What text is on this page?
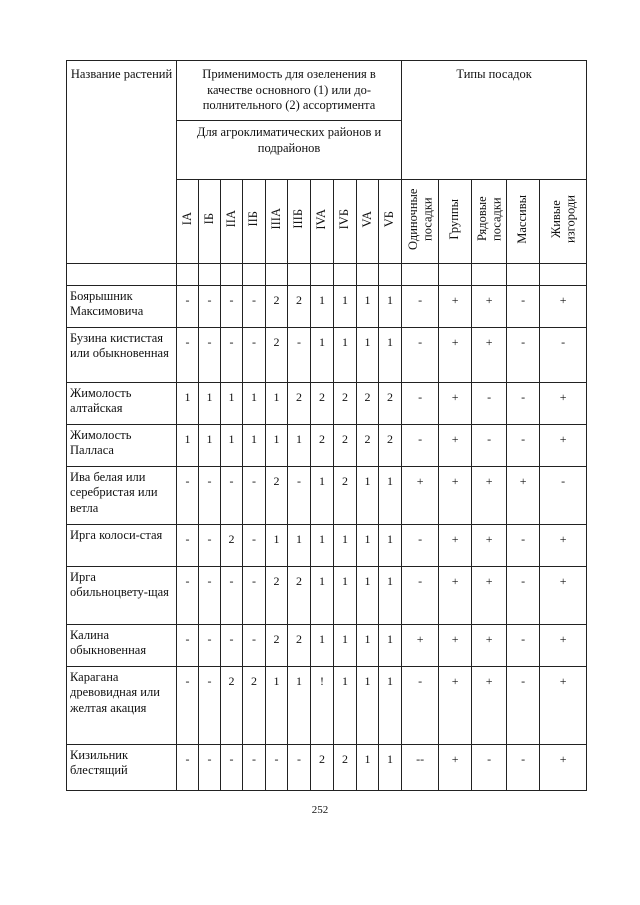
Название растений	Применимость для озеленения в качестве основного (1) или до-полнительного (2) ассортимента										Типы посадок				
	Для агроклиматических районов и подрайонов														
	IA	IБ	IIA	IIБ	IIIA	IIIБ	IVA	IVБ	VA	VБ	Одиночные посадки	Группы	Рядовые посадки	Массивы	Живые изгороди

Боярышник Максимовича	-	-	-	-	2	2	1	1	1	1	-	+	+	-	+
Бузина кистистая или обыкновенная	-	-	-	-	2	-	1	1	1	1	-	+	+	-	-
Жимолость алтайская	1	1	1	1	1	2	2	2	2	2	-	+	-	-	+
Жимолость Палласа	1	1	1	1	1	1	2	2	2	2	-	+	-	-	+
Ива белая или серебристая или ветла	-	-	-	-	2	-	1	2	1	1	+	+	+	+	-
Ирга колоси-стая	-	-	2	-	1	1	1	1	1	1	-	+	+	-	+
Ирга обильноцвету-щая	-	-	-	-	2	2	1	1	1	1	-	+	+	-	+
Калина обыкновенная	-	-	-	-	2	2	1	1	1	1	+	+	+	-	+
Карагана древовидная или желтая акация	-	-	2	2	1	1	!	1	1	1	-	+	+	-	+
Кизильник блестящий	-	-	-	-	-	-	2	2	1	1	--	+	-	-	+
252
